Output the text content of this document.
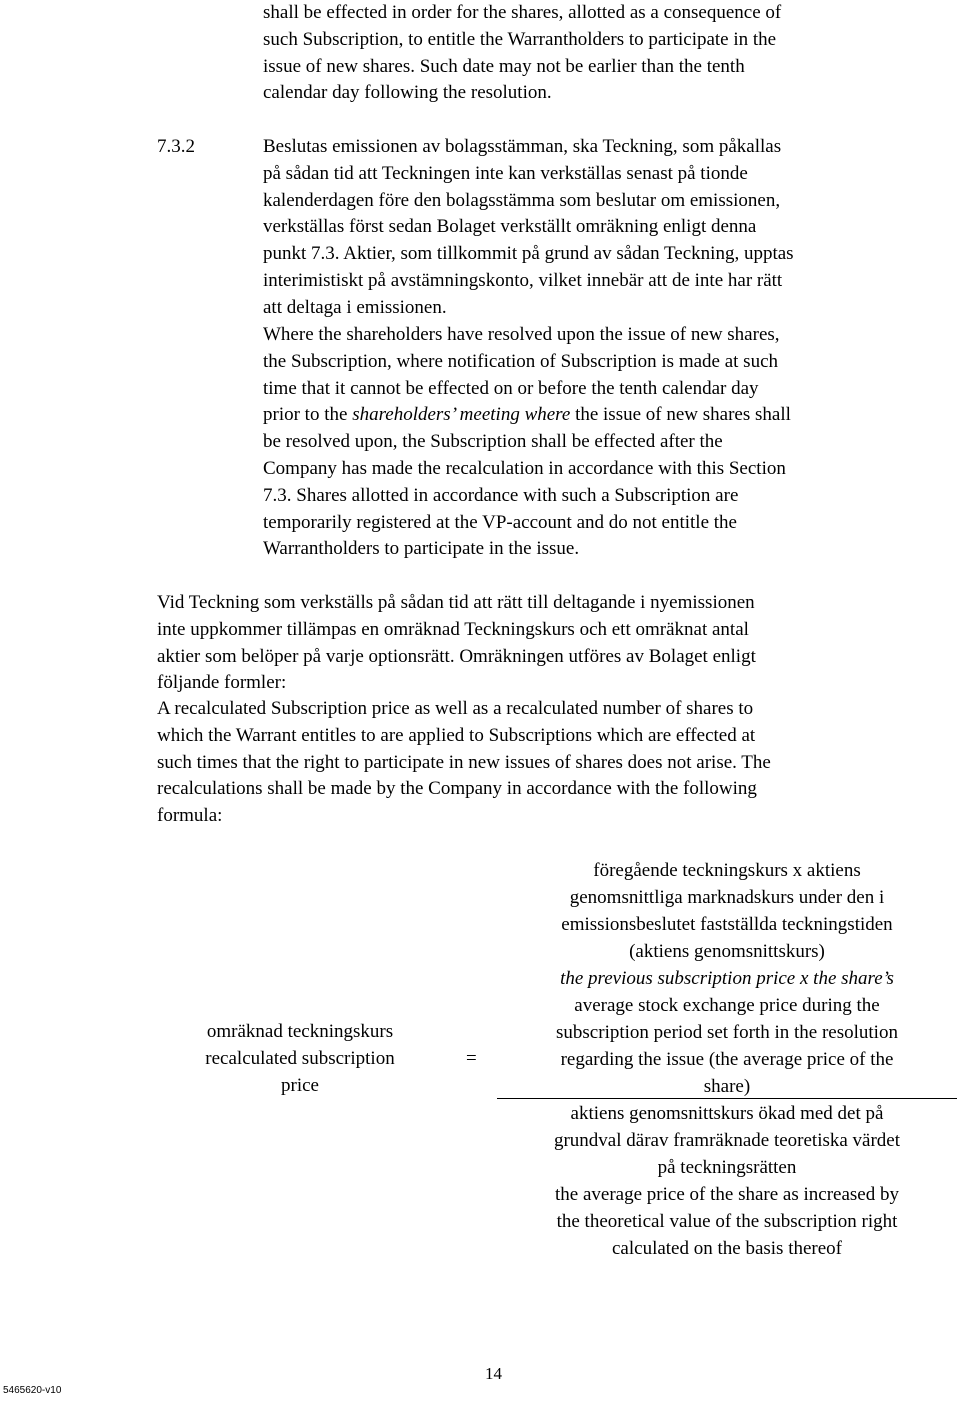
shall be effected in order for the shares, allotted as a consequence of
such Subscription, to entitle the Warrantholders to participate in the
issue of new shares. Such date may not be earlier than the tenth
calendar day following the resolution.
7.3.2	Beslutas emissionen av bolagsstämman, ska Teckning, som påkallas
på sådan tid att Teckningen inte kan verkställas senast på tionde
kalenderdagen före den bolagsstämma som beslutar om emissionen,
verkställas först sedan Bolaget verkställt omräkning enligt denna
punkt 7.3. Aktier, som tillkommit på grund av sådan Teckning, upptas
interimistiskt på avstämningskonto, vilket innebär att de inte har rätt
att deltaga i emissionen.
Where the shareholders have resolved upon the issue of new shares,
the Subscription, where notification of Subscription is made at such
time that it cannot be effected on or before the tenth calendar day
prior to the shareholders’ meeting where the issue of new shares shall
be resolved upon, the Subscription shall be effected after the
Company has made the recalculation in accordance with this Section
7.3. Shares allotted in accordance with such a Subscription are
temporarily registered at the VP-account and do not entitle the
Warrantholders to participate in the issue.
Vid Teckning som verkställs på sådan tid att rätt till deltagande i nyemissionen
inte uppkommer tillämpas en omräknad Teckningskurs och ett omräknat antal
aktier som belöper på varje optionsrätt. Omräkningen utföres av Bolaget enligt
följande formler:
A recalculated Subscription price as well as a recalculated number of shares to
which the Warrant entitles to are applied to Subscriptions which are effected at
such times that the right to participate in new issues of shares does not arise. The
recalculations shall be made by the Company in accordance with the following
formula:
omräknad teckningskurs
recalculated subscription
price
=
föregående teckningskurs x aktiens
genomsnittliga marknadskurs under den i
emissionsbeslutet fastställda teckningstiden
(aktiens genomsnittskurs)
the previous subscription price x the share’s
average stock exchange price during the
subscription period set forth in the resolution
regarding the issue (the average price of the
share)
aktiens genomsnittskurs ökad med det på
grundval därav framräknade teoretiska värdet
på teckningsrätten
the average price of the share as increased by
the theoretical value of the subscription right
calculated on the basis thereof
14
5465620-v10
